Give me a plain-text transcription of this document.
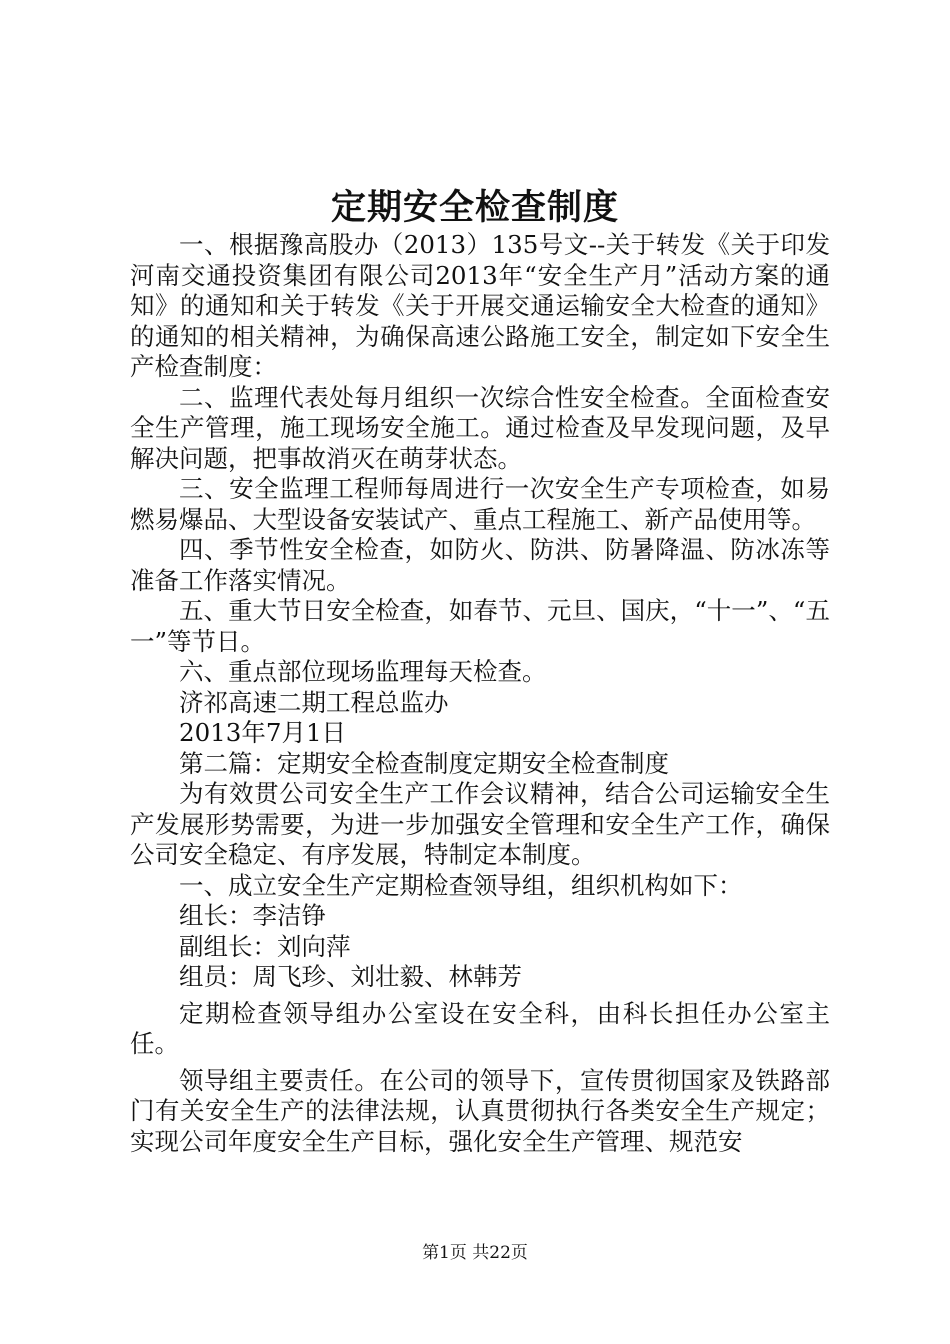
定期安全检查制度

一、根据豫高股办（2013）135号文--关于转发《关于印发河南交通投资集团有限公司2013年“安全生产月”活动方案的通知》的通知和关于转发《关于开展交通运输安全大检查的通知》的通知的相关精神，为确保高速公路施工安全，制定如下安全生产检查制度：

二、监理代表处每月组织一次综合性安全检查。全面检查安全生产管理，施工现场安全施工。通过检查及早发现问题，及早解决问题，把事故消灭在萌芽状态。

三、安全监理工程师每周进行一次安全生产专项检查，如易燃易爆品、大型设备安装试产、重点工程施工、新产品使用等。

四、季节性安全检查，如防火、防洪、防暑降温、防冰冻等准备工作落实情况。

五、重大节日安全检查，如春节、元旦、国庆，“十一”、“五一”等节日。

六、重点部位现场监理每天检查。

济祁高速二期工程总监办

2013年7月1日

第二篇：定期安全检查制度定期安全检查制度

为有效贯公司安全生产工作会议精神，结合公司运输安全生产发展形势需要，为进一步加强安全管理和安全生产工作，确保公司安全稳定、有序发展，特制定本制度。

一、成立安全生产定期检查领导组，组织机构如下：

组长：李洁铮

副组长：刘向萍

组员：周飞珍、刘壮毅、林韩芳

定期检查领导组办公室设在安全科，由科长担任办公室主任。

领导组主要责任。在公司的领导下，宣传贯彻国家及铁路部门有关安全生产的法律法规，认真贯彻执行各类安全生产规定；实现公司年度安全生产目标，强化安全生产管理、规范安

第1页 共22页
